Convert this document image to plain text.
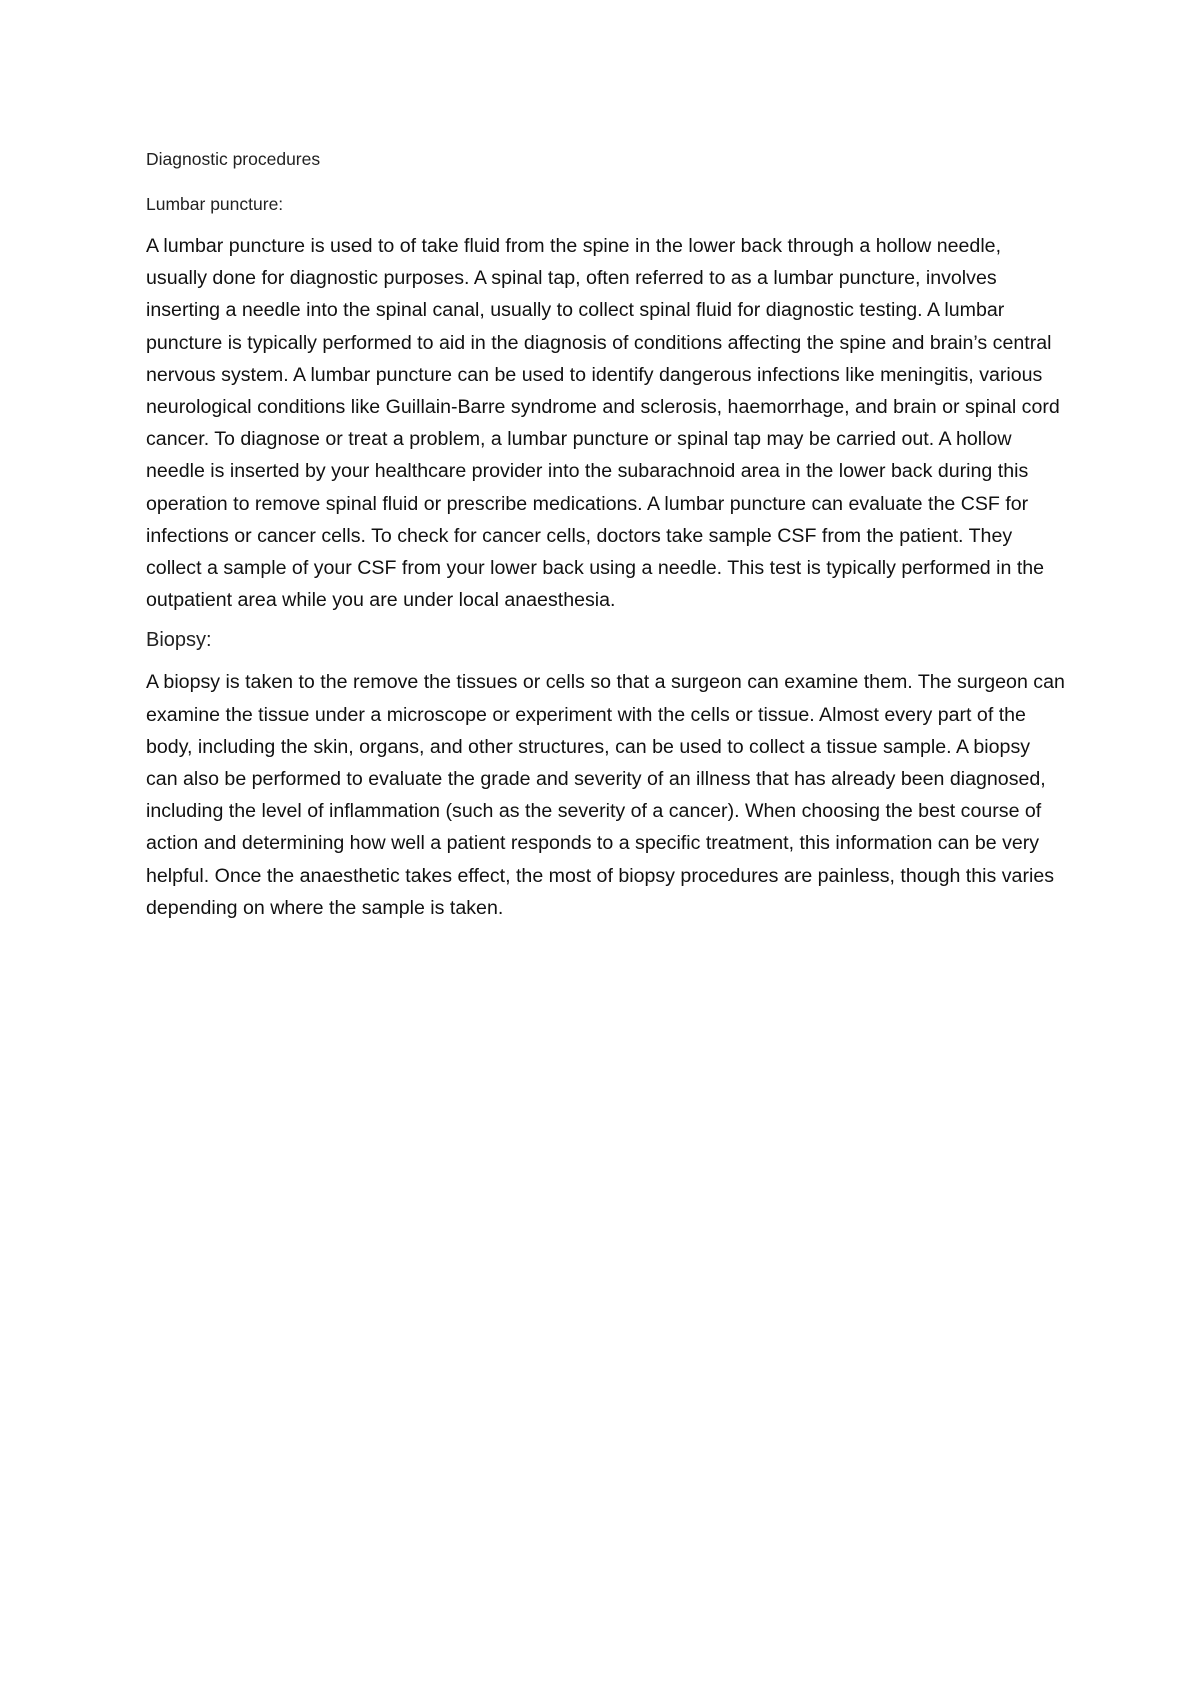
Diagnostic procedures

Lumbar puncture:

A lumbar puncture is used to of take fluid from the spine in the lower back through a hollow needle, usually done for diagnostic purposes. A spinal tap, often referred to as a lumbar puncture, involves inserting a needle into the spinal canal, usually to collect spinal fluid for diagnostic testing. A lumbar puncture is typically performed to aid in the diagnosis of conditions affecting the spine and brain’s central nervous system. A lumbar puncture can be used to identify dangerous infections like meningitis, various neurological conditions like Guillain-Barre syndrome and sclerosis, haemorrhage, and brain or spinal cord cancer. To diagnose or treat a problem, a lumbar puncture or spinal tap may be carried out. A hollow needle is inserted by your healthcare provider into the subarachnoid area in the lower back during this operation to remove spinal fluid or prescribe medications. A lumbar puncture can evaluate the CSF for infections or cancer cells. To check for cancer cells, doctors take sample CSF from the patient. They collect a sample of your CSF from your lower back using a needle. This test is typically performed in the outpatient area while you are under local anaesthesia.

Biopsy:

A biopsy is taken to the remove the tissues or cells so that a surgeon can examine them. The surgeon can examine the tissue under a microscope or experiment with the cells or tissue. Almost every part of the body, including the skin, organs, and other structures, can be used to collect a tissue sample. A biopsy can also be performed to evaluate the grade and severity of an illness that has already been diagnosed, including the level of inflammation (such as the severity of a cancer). When choosing the best course of action and determining how well a patient responds to a specific treatment, this information can be very helpful. Once the anaesthetic takes effect, the most of biopsy procedures are painless, though this varies depending on where the sample is taken.
